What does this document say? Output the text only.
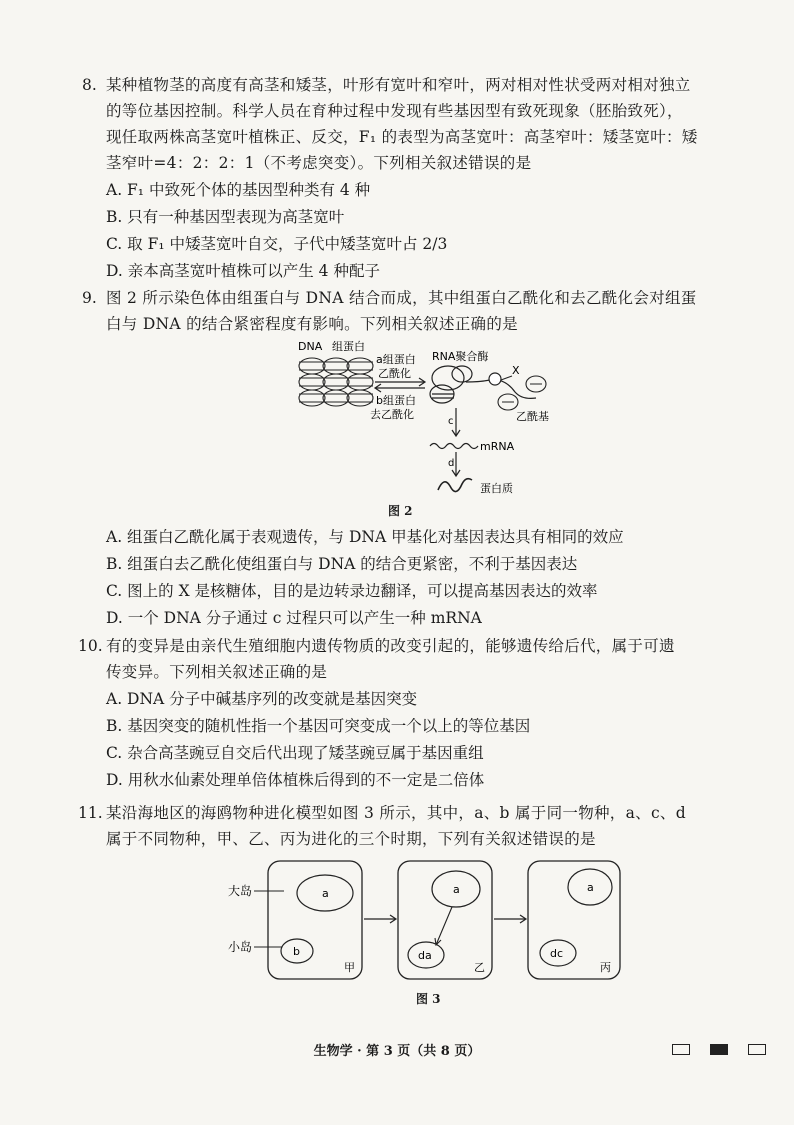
8. 某种植物茎的高度有高茎和矮茎，叶形有宽叶和窄叶，两对相对性状受两对相对独立
的等位基因控制。科学人员在育种过程中发现有些基因型有致死现象（胚胎致死），
现任取两株高茎宽叶植株正、反交，F₁ 的表型为高茎宽叶：高茎窄叶：矮茎宽叶：矮
茎窄叶=4：2：2：1（不考虑突变）。下列相关叙述错误的是
A. F₁ 中致死个体的基因型种类有 4 种
B. 只有一种基因型表现为高茎宽叶
C. 取 F₁ 中矮茎宽叶自交，子代中矮茎宽叶占 2/3
D. 亲本高茎宽叶植株可以产生 4 种配子
9. 图 2 所示染色体由组蛋白与 DNA 结合而成，其中组蛋白乙酰化和去乙酰化会对组蛋
白与 DNA 的结合紧密程度有影响。下列相关叙述正确的是
DNA 组蛋白
a组蛋白
乙酰化
b组蛋白
去乙酰化
RNA聚合酶
X
乙酰基
c
mRNA
d
蛋白质
图 2
A. 组蛋白乙酰化属于表观遗传，与 DNA 甲基化对基因表达具有相同的效应
B. 组蛋白去乙酰化使组蛋白与 DNA 的结合更紧密，不利于基因表达
C. 图上的 X 是核糖体，目的是边转录边翻译，可以提高基因表达的效率
D. 一个 DNA 分子通过 c 过程只可以产生一种 mRNA
10. 有的变异是由亲代生殖细胞内遗传物质的改变引起的，能够遗传给后代，属于可遗
传变异。下列相关叙述正确的是
A. DNA 分子中碱基序列的改变就是基因突变
B. 基因突变的随机性指一个基因可突变成一个以上的等位基因
C. 杂合高茎豌豆自交后代出现了矮茎豌豆属于基因重组
D. 用秋水仙素处理单倍体植株后得到的不一定是二倍体
11. 某沿海地区的海鸥物种进化模型如图 3 所示，其中，a、b 属于同一物种，a、c、d
属于不同物种，甲、乙、丙为进化的三个时期，下列有关叙述错误的是
大岛
小岛
a
b
甲
a
da
乙
a
dc
丙
图 3
生物学 · 第 3 页（共 8 页）
